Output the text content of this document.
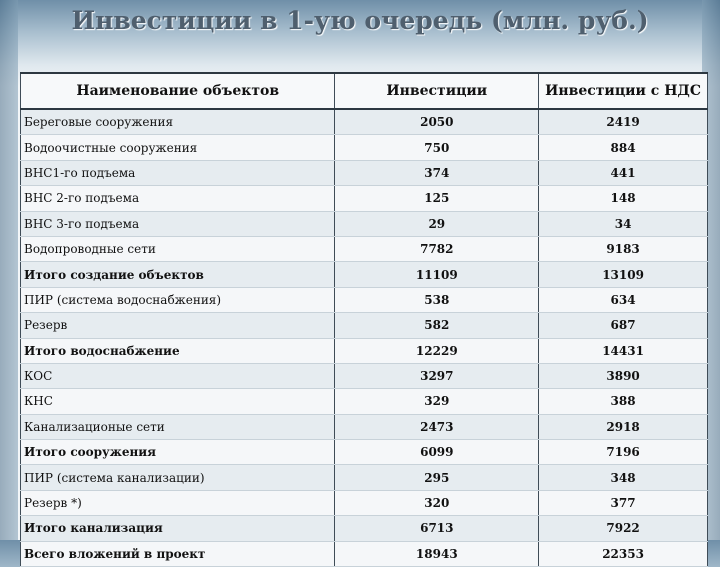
Инвестиции в 1-ую очередь (млн. руб.)
Наименование объектов	Инвестиции	Инвестиции с НДС
Береговые сооружения	2050	2419
Водоочистные сооружения	750	884
ВНС1-го подъема	374	441
ВНС 2-го подъема	125	148
ВНС 3-го подъема	29	34
Водопроводные сети	7782	9183
Итого создание объектов	11109	13109
ПИР (система водоснабжения)	538	634
Резерв	582	687
Итого водоснабжение	12229	14431
КОС	3297	3890
КНС	329	388
Канализационые сети	2473	2918
Итого сооружения	6099	7196
ПИР (система канализации)	295	348
Резерв *)	320	377
Итого канализация	6713	7922
Всего вложений в проект	18943	22353
